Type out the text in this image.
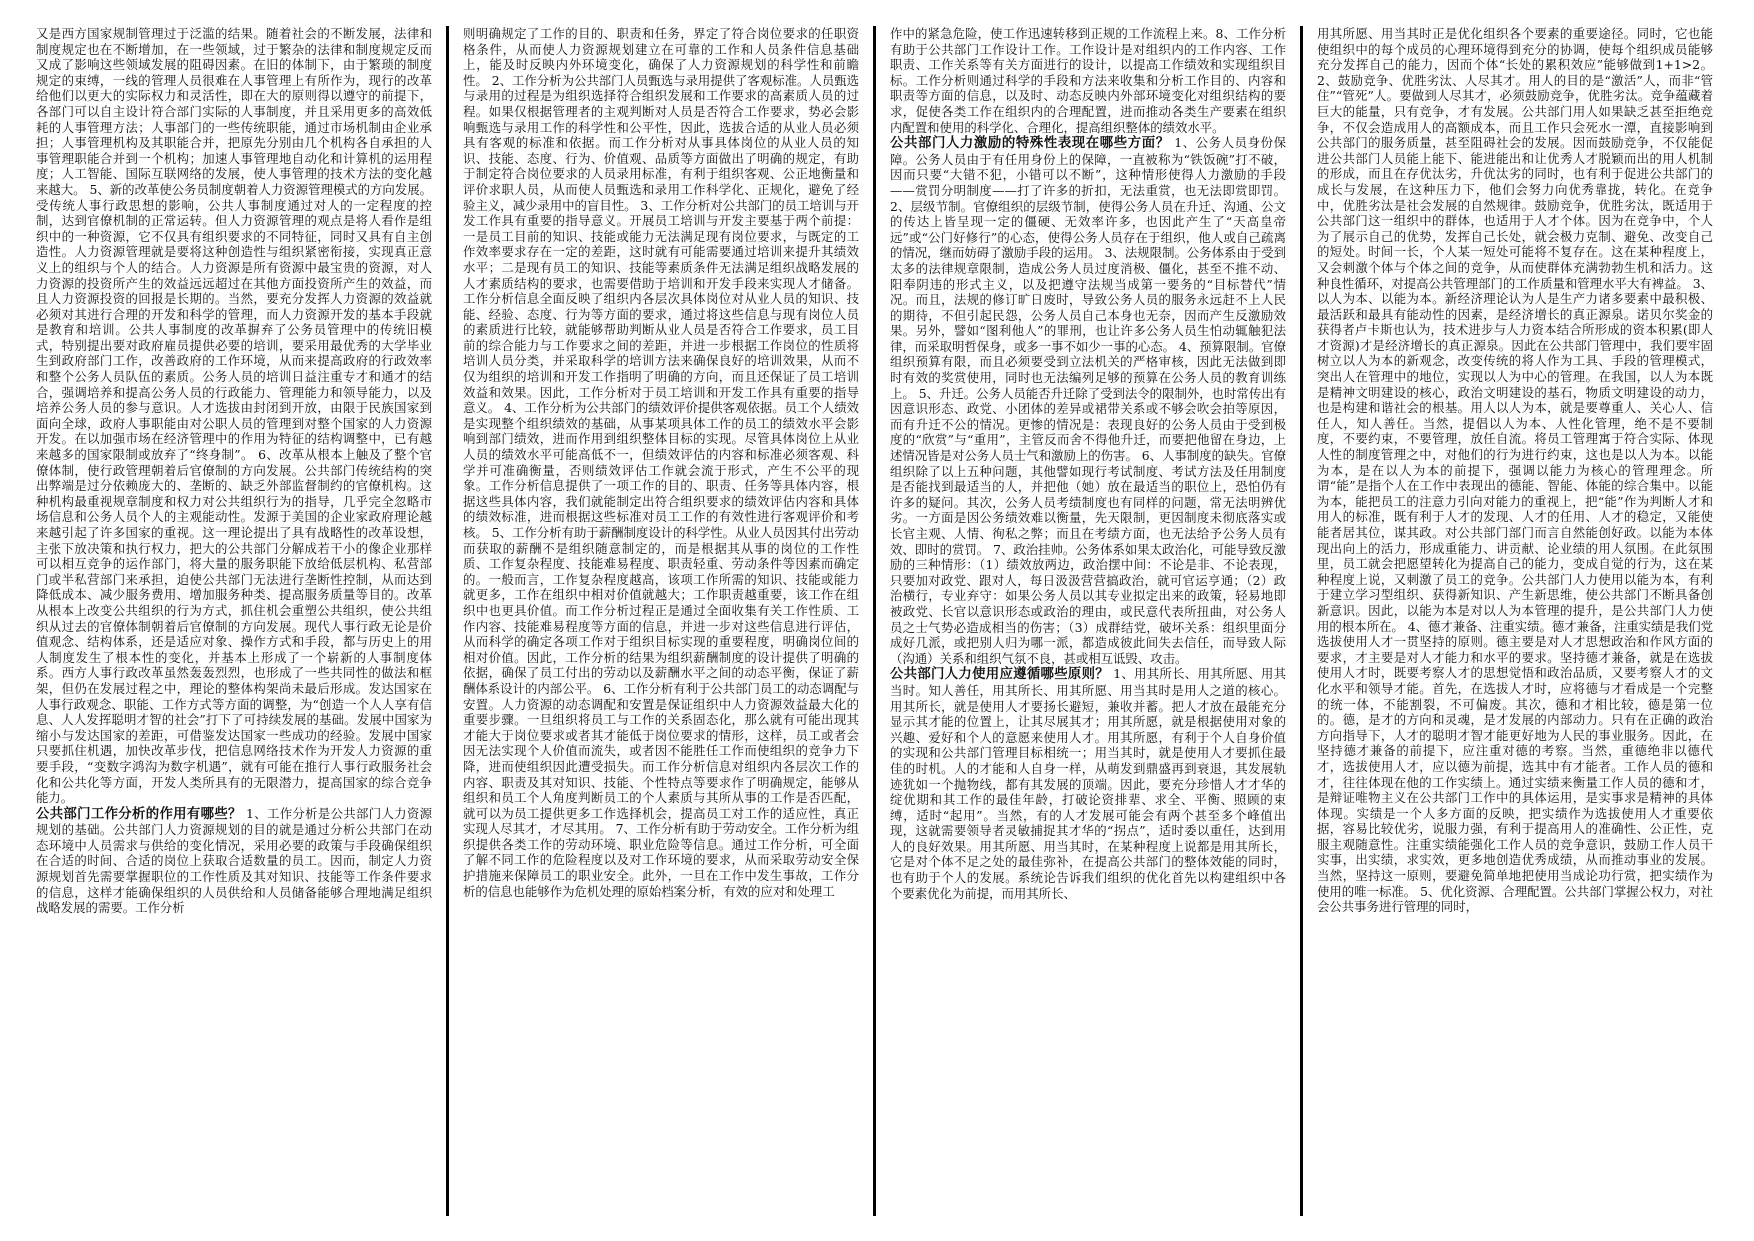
又是西方国家规制管理过于泛滥的结果。随着社会的不断发展，法律和制度规定也在不断增加，在一些领域，过于繁杂的法律和制度规定反而又成了影响这些领域发展的阻碍因素。在旧的体制下，由于繁琐的制度规定的束缚，一线的管理人员很难在人事管理上有所作为，现行的改革给他们以更大的实际权力和灵活性，即在大的原则得以遵守的前提下，各部门可以自主设计符合部门实际的人事制度，并且采用更多的高效低耗的人事管理方法；人事部门的一些传统职能，通过市场机制由企业承担；人事管理机构及其职能合并，把原先分别由几个机构各自承担的人事管理职能合并到一个机构；加速人事管理地自动化和计算机的运用程度；人工智能、国际互联网络的发展，使人事管理的技术方法的变化越来越大。 5、新的改革使公务员制度朝着人力资源管理模式的方向发展。受传统人事行政思想的影响，公共人事制度通过对人的一定程度的控制，达到官僚机制的正常运转。但人力资源管理的观点是将人看作是组织中的一种资源，它不仅具有组织要求的不同特征，同时又具有自主创造性。人力资源管理就是要将这种创造性与组织紧密衔接，实现真正意义上的组织与个人的结合。人力资源是所有资源中最宝贵的资源，对人力资源的投资所产生的效益远远超过在其他方面投资所产生的效益，而且人力资源投资的回报是长期的。当然，要充分发挥人力资源的效益就必须对其进行合理的开发和科学的管理，而人力资源开发的基本手段就是教育和培训。公共人事制度的改革摒弃了公务员管理中的传统旧模式，特别提出要对政府雇员提供必要的培训，要采用最优秀的大学毕业生到政府部门工作，改善政府的工作环境，从而来提高政府的行政效率和整个公务人员队伍的素质。公务人员的培训日益注重专才和通才的结合，强调培养和提高公务人员的行政能力、管理能力和领导能力，以及培养公务人员的参与意识。人才选拔由封闭到开放，由限于民族国家到面向全球，政府人事职能由对公职人员的管理到对整个国家的人力资源开发。在以加强市场在经济管理中的作用为特征的结构调整中，已有越来越多的国家限制或放弃了“终身制”。 6、改革从根本上触及了整个官僚体制，使行政管理朝着后官僚制的方向发展。公共部门传统结构的突出弊端是过分依赖庞大的、垄断的、缺乏外部监督制约的官僚机构。这种机构最重视规章制度和权力对公共组织行为的指导，几乎完全忽略市场信息和公务人员个人的主观能动性。发源于美国的企业家政府理论越来越引起了许多国家的重视。这一理论提出了具有战略性的改革设想，主张下放决策和执行权力，把大的公共部门分解成若干小的像企业那样可以相互竞争的运作部门，将大量的服务职能下放给低层机构、私营部门或半私营部门来承担，迫使公共部门无法进行垄断性控制，从而达到降低成本、减少服务费用、增加服务种类、提高服务质量等目的。改革从根本上改变公共组织的行为方式，抓住机会重塑公共组织，使公共组织从过去的官僚体制朝着后官僚制的方向发展。现代人事行政无论是价值观念、结构体系，还是适应对象、操作方式和手段，都与历史上的用人制度发生了根本性的变化，并基本上形成了一个崭新的人事制度体系。西方人事行政改革虽然轰轰烈烈，也形成了一些共同性的做法和框架，但仍在发展过程之中，理论的整体构架尚未最后形成。发达国家在人事行政观念、职能、工作方式等方面的调整，为“创造一个人人享有信息、人人发挥聪明才智的社会”打下了可持续发展的基础。发展中国家为缩小与发达国家的差距，可借鉴发达国家一些成功的经验。发展中国家只要抓住机遇，加快改革步伐，把信息网络技术作为开发人力资源的重要手段，“变数字鸿沟为数字机遇”，就有可能在推行人事行政服务社会化和公共化等方面，开发人类所具有的无限潜力，提高国家的综合竞争能力。

公共部门工作分析的作用有哪些？ 1、工作分析是公共部门人力资源规划的基础。公共部门人力资源规划的目的就是通过分析公共部门在动态环境中人员需求与供给的变化情况，采用必要的政策与手段确保组织在合适的时间、合适的岗位上获取合适数量的员工。因而，制定人力资源规划首先需要掌握职位的工作性质及其对知识、技能等工作条件要求的信息，这样才能确保组织的人员供给和人员储备能够合理地满足组织战略发展的需要。工作分析

则明确规定了工作的目的、职责和任务，界定了符合岗位要求的任职资格条件，从而使人力资源规划建立在可靠的工作和人员条件信息基础上，能及时反映内外环境变化，确保了人力资源规划的科学性和前瞻性。 2、工作分析为公共部门人员甄选与录用提供了客观标准。人员甄选与录用的过程是为组织选择符合组织发展和工作要求的高素质人员的过程。如果仅根据管理者的主观判断对人员是否符合工作要求，势必会影响甄选与录用工作的科学性和公平性，因此，选拔合适的从业人员必须具有客观的标准和依据。而工作分析对从事具体岗位的从业人员的知识、技能、态度、行为、价值观、品质等方面做出了明确的规定，有助于制定符合岗位要求的人员录用标准，有利于组织客观、公正地衡量和评价求职人员，从而使人员甄选和录用工作科学化、正规化，避免了经验主义，减少录用中的盲目性。 3、工作分析对公共部门的员工培训与开发工作具有重要的指导意义。开展员工培训与开发主要基于两个前提：一是员工目前的知识、技能或能力无法满足现有岗位要求，与既定的工作效率要求存在一定的差距，这时就有可能需要通过培训来提升其绩效水平；二是现有员工的知识、技能等素质条件无法满足组织战略发展的人才素质结构的要求，也需要借助于培训和开发手段来实现人才储备。工作分析信息全面反映了组织内各层次具体岗位对从业人员的知识、技能、经验、态度、行为等方面的要求，通过将这些信息与现有岗位人员的素质进行比较，就能够帮助判断从业人员是否符合工作要求，员工目前的综合能力与工作要求之间的差距，并进一步根据工作岗位的性质将培训人员分类，并采取科学的培训方法来确保良好的培训效果，从而不仅为组织的培训和开发工作指明了明确的方向，而且还保证了员工培训效益和效果。因此，工作分析对于员工培训和开发工作具有重要的指导意义。 4、工作分析为公共部门的绩效评价提供客观依据。员工个人绩效是实现整个组织绩效的基础，从事某项具体工作的员工的绩效水平会影响到部门绩效，进而作用到组织整体目标的实现。尽管具体岗位上从业人员的绩效水平可能高低不一，但绩效评估的内容和标准必须客观、科学并可准确衡量，否则绩效评估工作就会流于形式，产生不公平的现象。工作分析信息提供了一项工作的目的、职责、任务等具体内容，根据这些具体内容，我们就能制定出符合组织要求的绩效评估内容和具体的绩效标准，进而根据这些标准对员工工作的有效性进行客观评价和考核。 5、工作分析有助于薪酬制度设计的科学性。从业人员因其付出劳动而获取的薪酬不是组织随意制定的，而是根据其从事的岗位的工作性质、工作复杂程度、技能难易程度、职责轻重、劳动条件等因素而确定的。一般而言，工作复杂程度越高，该项工作所需的知识、技能或能力就更多，工作在组织中相对价值就越大；工作职责越重要，该工作在组织中也更具价值。而工作分析过程正是通过全面收集有关工作性质、工作内容、技能难易程度等方面的信息，并进一步对这些信息进行评估，从而科学的确定各项工作对于组织目标实现的重要程度，明确岗位间的相对价值。因此，工作分析的结果为组织薪酬制度的设计提供了明确的依据，确保了员工付出的劳动以及薪酬水平之间的动态平衡，保证了薪酬体系设计的内部公平。 6、工作分析有利于公共部门员工的动态调配与安置。人力资源的动态调配和安置是保证组织中人力资源效益最大化的重要步骤。一旦组织将员工与工作的关系固态化，那么就有可能出现其才能大于岗位要求或者其才能低于岗位要求的情形，这样，员工或者会因无法实现个人价值而流失，或者因不能胜任工作而使组织的竞争力下降，进而使组织因此遭受损失。而工作分析信息对组织内各层次工作的内容、职责及其对知识、技能、个性特点等要求作了明确规定，能够从组织和员工个人角度判断员工的个人素质与其所从事的工作是否匹配，就可以为员工提供更多工作选择机会，提高员工对工作的适应性，真正实现人尽其才，才尽其用。 7、工作分析有助于劳动安全。工作分析为组织提供各类工作的劳动环境、职业危险等信息。通过工作分析，可全面了解不同工作的危险程度以及对工作环境的要求，从而采取劳动安全保护措施来保障员工的职业安全。此外，一旦在工作中发生事故，工作分析的信息也能够作为危机处理的原始档案分析，有效的应对和处理工

作中的紧急危险，使工作迅速转移到正规的工作流程上来。8、工作分析有助于公共部门工作设计工作。工作设计是对组织内的工作内容、工作职责、工作关系等有关方面进行的设计，以提高工作绩效和实现组织目标。工作分析则通过科学的手段和方法来收集和分析工作目的、内容和职责等方面的信息，以及时、动态反映内外部环境变化对组织结构的要求，促使各类工作在组织内的合理配置，进而推动各类生产要素在组织内配置和使用的科学化、合理化，提高组织整体的绩效水平。

公共部门人力激励的特殊性表现在哪些方面？ 1、公务人员身份保障。公务人员由于有任用身份上的保障，一直被称为“铁饭碗”打不破，因而只要“大错不犯，小错可以不断”，这种情形使得人力激励的手段——赏罚分明制度——打了许多的折扣，无法重赏，也无法即赏即罚。 2、层级节制。官僚组织的层级节制，使得公务人员在升迁、沟通、公文的传达上皆呈现一定的僵硬、无效率许多，也因此产生了“天高皇帝远”或“公门好修行”的心态，使得公务人员存在于组织，他人或自己疏离的情况，继而妨碍了激励手段的运用。 3、法规限制。公务体系由于受到太多的法律规章限制，造成公务人员过度消极、僵化，甚至不推不动、阳奉阴违的形式主义，以及把遵守法规当成第一要务的“目标替代”情况。而且，法规的修订旷日废时，导致公务人员的服务永远赶不上人民的期待，不但引起民怨，公务人员自己本身也无奈，因而产生反激励效果。另外，譬如“图利他人”的罪刑，也让许多公务人员生怕动辄触犯法律，而采取明哲保身，或多一事不如少一事的心态。 4、预算限制。官僚组织预算有限，而且必须要受到立法机关的严格审核，因此无法做到即时有效的奖赏使用，同时也无法编列足够的预算在公务人员的教育训练上。 5、升迁。公务人员能否升迁除了受到法令的限制外，也时常传出有因意识形态、政党、小团体的差异或裙带关系或不够会吹会拍等原因，而有升迁不公的情况。更惨的情况是：表现良好的公务人员由于受到极度的“欣赏”与“重用”，主管反而舍不得他升迁，而要把他留在身边，上述情况皆是对公务人员士气和激励上的伤害。 6、人事制度的缺失。官僚组织除了以上五种问题，其他譬如现行考试制度、考试方法及任用制度是否能找到最适当的人，并把他（她）放在最适当的职位上，恐怕仍有许多的疑问。其次，公务人员考绩制度也有同样的问题，常无法明辨优劣。一方面是因公务绩效难以衡量，先天限制，更因制度未彻底落实或长官主观、人情、徇私之弊；而且在考绩方面，也无法给予公务人员有效、即时的赏罚。 7、政治挂帅。公务体系如果太政治化，可能导致反激励的三种情形：（1）绩效放两边，政治摆中间：不论是非、不论表现，只要加对政党、跟对人，每日汲汲营营搞政治，就可官运亨通；（2）政治横行，专业弃守：如果公务人员以其专业拟定出来的政策，轻易地即被政党、长官以意识形态或政治的理由，或民意代表所扭曲，对公务人员之士气势必造成相当的伤害；（3）成群结党，破坏关系：组织里面分成好几派，或把别人归为哪一派，都造成彼此间失去信任，而导致人际（沟通）关系和组织气氛不良，甚或相互诋毁、攻击。

公共部门人力使用应遵循哪些原则？ 1、用其所长、用其所愿、用其当时。知人善任，用其所长、用其所愿、用当其时是用人之道的核心。用其所长，就是使用人才要扬长避短，兼收并蓄。把人才放在最能充分显示其才能的位置上，让其尽展其才；用其所愿，就是根据使用对象的兴趣、爱好和个人的意愿来使用人才。用其所愿，有利于个人自身价值的实现和公共部门管理目标相统一；用当其时，就是使用人才要抓住最佳的时机。人的才能和人自身一样，从萌发到鼎盛再到衰退，其发展轨迹犹如一个抛物线，都有其发展的顶端。因此，要充分珍惜人才才华的绽优期和其工作的最佳年龄，打破论资排辈、求全、平衡、照顾的束缚，适时“起用”。当然，有的人才发展可能会有两个甚至多个峰值出现，这就需要领导者灵敏捕捉其才华的“拐点”，适时委以重任，达到用人的良好效果。用其所愿、用当其时，在某种程度上说都是用其所长，它是对个体不足之处的最佳弥补，在提高公共部门的整体效能的同时，也有助于个人的发展。系统论告诉我们组织的优化首先以构建组织中各个要素优化为前提，而用其所长、

用其所愿、用当其时正是优化组织各个要素的重要途径。同时，它也能使组织中的每个成员的心理环境得到充分的协调，使每个组织成员能够充分发挥自己的能力，因而个体“长处的累积效应”能够做到1+1>2。 2、鼓励竞争、优胜劣汰、人尽其才。用人的目的是“激活”人，而非“管住”“管死”人。要做到人尽其才，必须鼓励竞争，优胜劣汰。竞争蕴藏着巨大的能量，只有竞争，才有发展。公共部门用人如果缺乏甚至拒绝竞争，不仅会造成用人的高额成本，而且工作只会死水一潭，直接影响到公共部门的服务质量，甚至阻碍社会的发展。因而鼓励竞争，不仅能促进公共部门人员能上能下、能进能出和让优秀人才脱颖而出的用人机制的形成，而且在存优汰劣，升优汰劣的同时，也有利于促进公共部门的成长与发展，在这种压力下，他们会努力向优秀靠拢，转化。在竞争中，优胜劣汰是社会发展的自然规律。鼓励竞争，优胜劣汰，既适用于公共部门这一组织中的群体，也适用于人才个体。因为在竞争中，个人为了展示自己的优势，发挥自己长处，就会极力克制、避免、改变自己的短处。时间一长，个人某一短处可能将不复存在。这在某种程度上，又会刺激个体与个体之间的竞争，从而使群体充满勃勃生机和活力。这种良性循环，对提高公共管理部门的工作质量和管理水平大有裨益。 3、以人为本、以能为本。新经济理论认为人是生产力诸多要素中最积极、最活跃和最具有能动性的因素，是经济增长的真正源泉。诺贝尔奖金的获得者卢卡斯也认为，技术进步与人力资本结合所形成的资本积累(即人才资源)才是经济增长的真正源泉。因此在公共部门管理中，我们要牢固树立以人为本的新观念，改变传统的将人作为工具、手段的管理模式，突出人在管理中的地位，实现以人为中心的管理。在我国，以人为本既是精神文明建设的核心，政治文明建设的基石，物质文明建设的动力，也是构建和谐社会的根基。用人以人为本，就是要尊重人、关心人、信任人，知人善任。当然，提倡以人为本、人性化管理，绝不是不要制度，不要约束，不要管理，放任自流。将员工管理寓于符合实际、体现人性的制度管理之中，对他们的行为进行约束，这也是以人为本。以能为本，是在以人为本的前提下，强调以能力为核心的管理理念。所谓“能”是指个人在工作中表现出的德能、智能、体能的综合集中。以能为本，能把员工的注意力引向对能力的重视上，把“能”作为判断人才和用人的标准，既有利于人才的发现、人才的任用、人才的稳定，又能使能者居其位，谋其政。对公共部门部门而言自然能创好政。以能为本体现出向上的活力，形成重能力、讲贡献、论业绩的用人氛围。在此氛围里，员工就会把愿望转化为提高自己的能力，变成自觉的行为，这在某种程度上说，又刺激了员工的竞争。公共部门人力使用以能为本，有利于建立学习型组织、获得新知识、产生新思维，使公共部门不断具备创新意识。因此，以能为本是对以人为本管理的提升，是公共部门人力使用的根本所在。 4、德才兼备、注重实绩。德才兼备，注重实绩是我们党选拔使用人才一贯坚持的原则。德主要是对人才思想政治和作风方面的要求，才主要是对人才能力和水平的要求。坚持德才兼备，就是在选拔使用人才时，既要考察人才的思想觉悟和政治品质，又要考察人才的文化水平和领导才能。首先，在选拔人才时，应将德与才看成是一个完整的统一体，不能割裂，不可偏废。其次，德和才相比较，德是第一位的。德，是才的方向和灵魂，是才发展的内部动力。只有在正确的政治方向指导下，人才的聪明才智才能更好地为人民的事业服务。因此，在坚持德才兼备的前提下，应注重对德的考察。当然，重德绝非以德代才，选拔使用人才，应以德为前提，选其中有才能者。工作人员的德和才，往往体现在他的工作实绩上。通过实绩来衡量工作人员的德和才，是辩证唯物主义在公共部门工作中的具体运用，是实事求是精神的具体体现。实绩是一个人多方面的反映，把实绩作为选拔使用人才重要依据，容易比较优劣，说服力强，有利于提高用人的准确性、公正性，克服主观随意性。注重实绩能强化工作人员的竞争意识，鼓励工作人员干实事，出实绩，求实效，更多地创造优秀成绩，从而推动事业的发展。当然，坚持这一原则，要避免简单地把使用当成论功行赏，把实绩作为使用的唯一标准。 5、优化资源、合理配置。公共部门掌握公权力，对社会公共事务进行管理的同时，
